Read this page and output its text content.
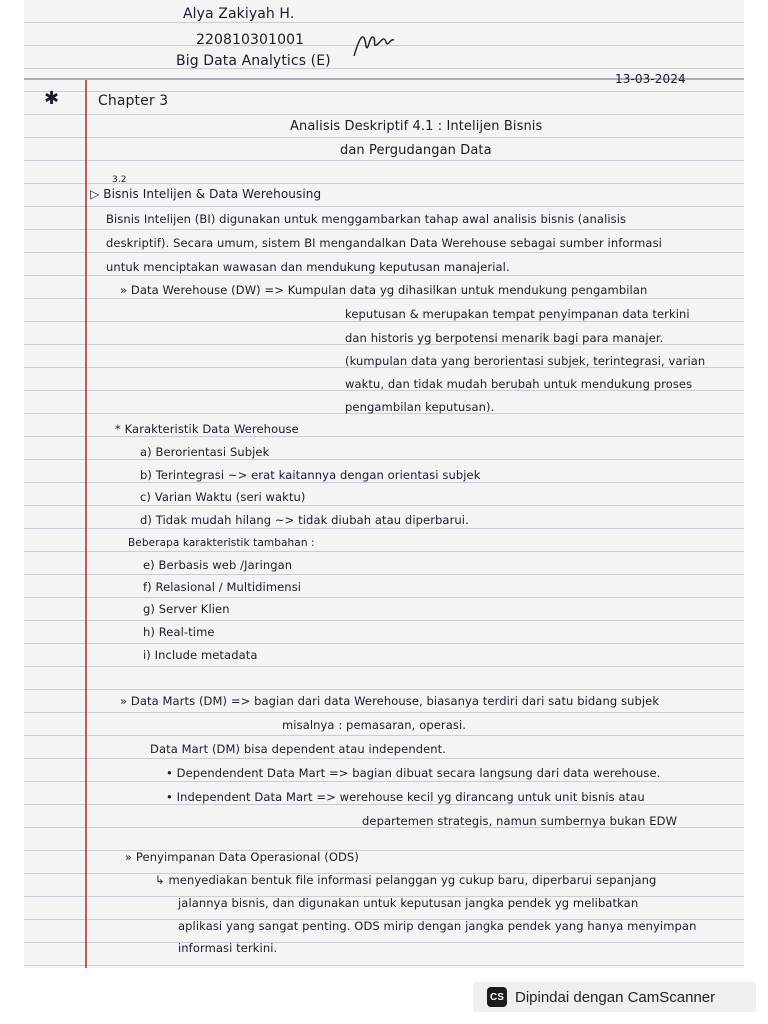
Alya Zakiyah H.
220810301001
Big Data Analytics (E)
13-03-2024
✱	Chapter 3
Analisis Deskriptif 4.1 : Intelijen Bisnis
dan Pergudangan Data
3.2
▷ Bisnis Intelijen & Data Werehousing
Bisnis Intelijen (BI) digunakan untuk menggambarkan tahap awal analisis bisnis (analisis
deskriptif). Secara umum, sistem BI mengandalkan Data Werehouse sebagai sumber informasi
untuk menciptakan wawasan dan mendukung keputusan manajerial.
» Data Werehouse (DW) => Kumpulan data yg dihasilkan untuk mendukung pengambilan
keputusan & merupakan tempat penyimpanan data terkini
dan historis yg berpotensi menarik bagi para manajer.
(kumpulan data yang berorientasi subjek, terintegrasi, varian
waktu, dan tidak mudah berubah untuk mendukung proses
pengambilan keputusan).
* Karakteristik Data Werehouse
a) Berorientasi Subjek
b) Terintegrasi ~> erat kaitannya dengan orientasi subjek
c) Varian Waktu (seri waktu)
d) Tidak mudah hilang ~> tidak diubah atau diperbarui.
Beberapa karakteristik tambahan :
e) Berbasis web /Jaringan
f) Relasional / Multidimensi
g) Server Klien
h) Real-time
i) Include metadata
» Data Marts (DM) => bagian dari data Werehouse, biasanya terdiri dari satu bidang subjek
misalnya : pemasaran, operasi.
Data Mart (DM) bisa dependent atau independent.
• Dependendent Data Mart => bagian dibuat secara langsung dari data werehouse.
• Independent Data Mart => werehouse kecil yg dirancang untuk unit bisnis atau
departemen strategis, namun sumbernya bukan EDW
» Penyimpanan Data Operasional (ODS)
↳ menyediakan bentuk file informasi pelanggan yg cukup baru, diperbarui sepanjang
jalannya bisnis, dan digunakan untuk keputusan jangka pendek yg melibatkan
aplikasi yang sangat penting. ODS mirip dengan jangka pendek yang hanya menyimpan
informasi terkini.
CS Dipindai dengan CamScanner
